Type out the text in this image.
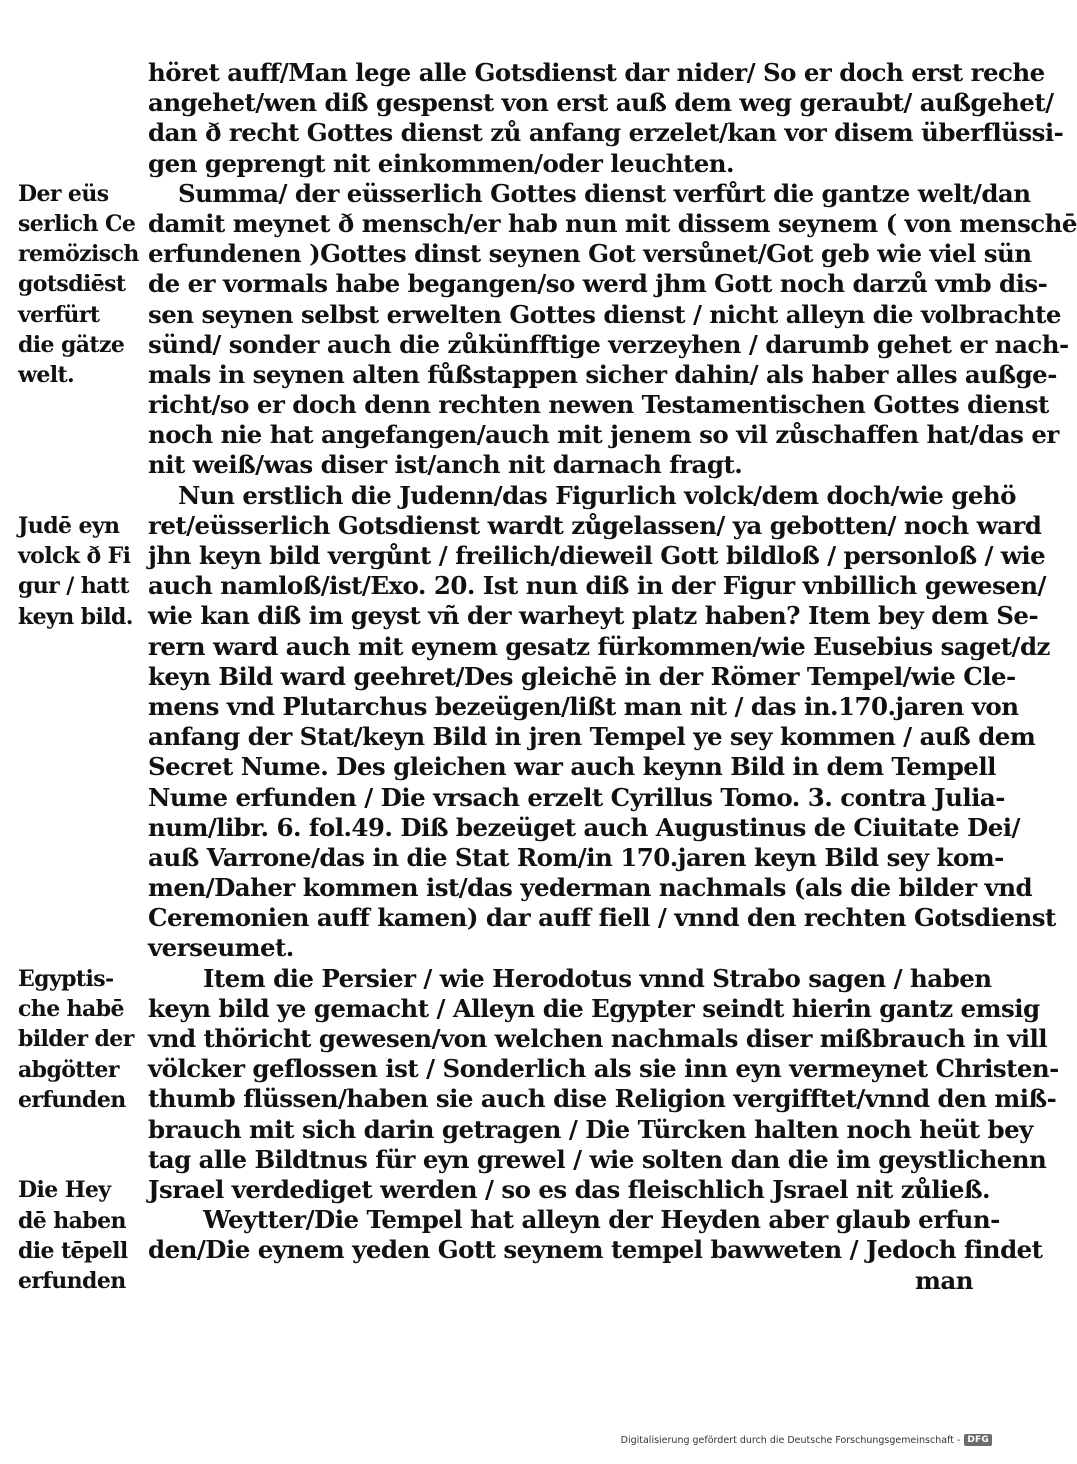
höret auff/Man lege alle Gotsdienst dar nider/ So er doch erst reche
angehet/wen diß gespenst von erst auß dem weg geraubt/ außgehet/
dan ð recht Gottes dienst zů anfang erzelet/kan vor disem überflüssi-
gen geprengt nit einkommen/oder leuchten.
Summa/ der eüsserlich Gottes dienst verfůrt die gantze welt/dan
damit meynet ð mensch/er hab nun mit dissem seynem ( von menschē
erfundenen )Gottes dinst seynen Got versůnet/Got geb wie viel sün
de er vormals habe begangen/so werd jhm Gott noch darzů vmb dis-
sen seynen selbst erwelten Gottes dienst / nicht alleyn die volbrachte
sünd/ sonder auch die zůkünfftige verzeyhen / darumb gehet er nach-
mals in seynen alten fůßstappen sicher dahin/ als haber alles außge-
richt/so er doch denn rechten newen Testamentischen Gottes dienst
noch nie hat angefangen/auch mit jenem so vil zůschaffen hat/das er
nit weiß/was diser ist/anch nit darnach fragt.
Nun erstlich die Judenn/das Figurlich volck/dem doch/wie gehö
ret/eüsserlich Gotsdienst wardt zůgelassen/ ya gebotten/ noch ward
jhn keyn bild vergůnt / freilich/dieweil Gott bildloß / personloß / wie
auch namloß/ist/Exo. 20. Ist nun diß in der Figur vnbillich gewesen/
wie kan diß im geyst vñ der warheyt platz haben? Item bey dem Se-
rern ward auch mit eynem gesatz fürkommen/wie Eusebius saget/dz
keyn Bild ward geehret/Des gleichē in der Römer Tempel/wie Cle-
mens vnd Plutarchus bezeügen/lißt man nit / das in.170.jaren von
anfang der Stat/keyn Bild in jren Tempel ye sey kommen / auß dem
Secret Nume. Des gleichen war auch keynn Bild in dem Tempell
Nume erfunden / Die vrsach erzelt Cyrillus Tomo. 3. contra Julia-
num/libr. 6. fol.49. Diß bezeüget auch Augustinus de Ciuitate Dei/
auß Varrone/das in die Stat Rom/in 170.jaren keyn Bild sey kom-
men/Daher kommen ist/das yederman nachmals (als die bilder vnd
Ceremonien auff kamen) dar auff fiell / vnnd den rechten Gotsdienst
verseumet.
Item die Persier / wie Herodotus vnnd Strabo sagen / haben
keyn bild ye gemacht / Alleyn die Egypter seindt hierin gantz emsig
vnd thöricht gewesen/von welchen nachmals diser mißbrauch in vill
völcker geflossen ist / Sonderlich als sie inn eyn vermeynet Christen-
thumb flüssen/haben sie auch dise Religion vergifftet/vnnd den miß-
brauch mit sich darin getragen / Die Türcken halten noch heüt bey
tag alle Bildtnus für eyn grewel / wie solten dan die im geystlichenn
Jsrael verdediget werden / so es das fleischlich Jsrael nit zůließ.
Weytter/Die Tempel hat alleyn der Heyden aber glaub erfun-
den/Die eynem yeden Gott seynem tempel bawweten / Jedoch findet
man
Der eüs
serlich Ce
remözisch
gotsdiēst
verfürt
die gätze
welt.
Judē eyn
volck ð Fi
gur / hatt
keyn bild.
Egyptis-
che habē
bilder der
abgötter
erfunden
Die Hey
dē haben
die tēpell
erfunden
Digitalisierung gefördert durch die Deutsche Forschungsgemeinschaft - DFG
